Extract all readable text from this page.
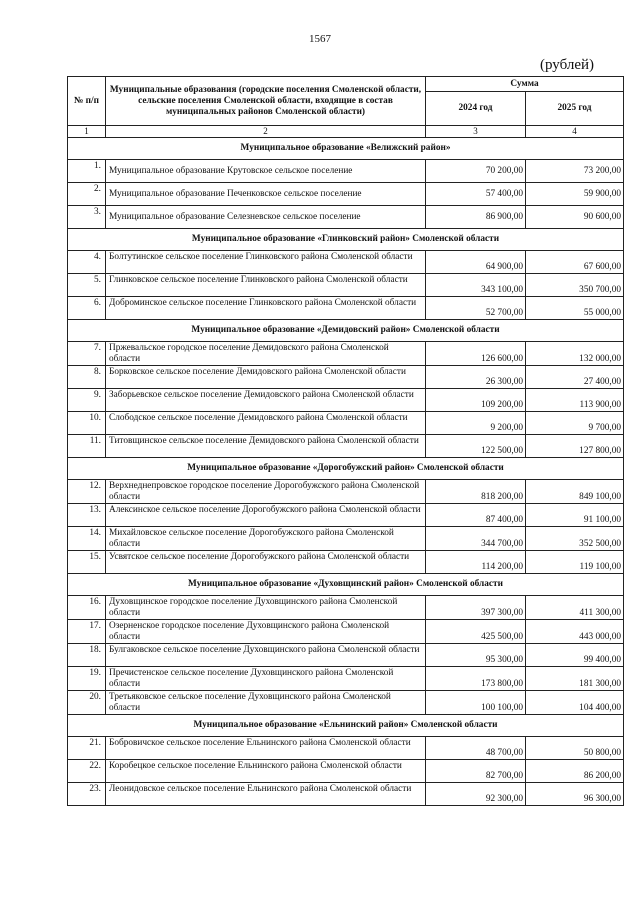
1567
(рублей)
№ п/п	Муниципальные образования (городские поселения Смоленской области, сельские поселения Смоленской области, входящие в состав муниципальных районов Смоленской области)	Сумма	
		2024 год	2025 год
1	2	3	4
Муниципальное образование «Велижский район»			
1.	Муниципальное образование Крутовское сельское поселение	70 200,00	73 200,00
2.	Муниципальное образование Печенковское сельское поселение	57 400,00	59 900,00
3.	Муниципальное образование Селезневское сельское поселение	86 900,00	90 600,00
Муниципальное образование «Глинковский район» Смоленской области			
4.	Болтутинское сельское поселение Глинковского района Смоленской области	64 900,00	67 600,00
5.	Глинковское сельское поселение Глинковского района Смоленской области	343 100,00	350 700,00
6.	Доброминское сельское поселение Глинковского района Смоленской области	52 700,00	55 000,00
Муниципальное образование «Демидовский район» Смоленской области			
7.	Пржевальское городское поселение Демидовского района Смоленской области	126 600,00	132 000,00
8.	Борковское сельское поселение Демидовского района Смоленской области	26 300,00	27 400,00
9.	Заборьевское сельское поселение Демидовского района Смоленской области	109 200,00	113 900,00
10.	Слободское сельское поселение Демидовского района Смоленской области	9 200,00	9 700,00
11.	Титовщинское сельское поселение Демидовского района Смоленской области	122 500,00	127 800,00
Муниципальное образование «Дорогобужский район» Смоленской области			
12.	Верхнеднепровское городское поселение Дорогобужского района Смоленской области	818 200,00	849 100,00
13.	Алексинское сельское поселение Дорогобужского района Смоленской области	87 400,00	91 100,00
14.	Михайловское сельское поселение Дорогобужского района Смоленской области	344 700,00	352 500,00
15.	Усвятское сельское поселение Дорогобужского района Смоленской области	114 200,00	119 100,00
Муниципальное образование «Духовщинский район» Смоленской области			
16.	Духовщинское городское поселение Духовщинского района Смоленской области	397 300,00	411 300,00
17.	Озерненское городское поселение Духовщинского района Смоленской области	425 500,00	443 000,00
18.	Булгаковское сельское поселение Духовщинского района Смоленской области	95 300,00	99 400,00
19.	Пречистенское сельское поселение Духовщинского района Смоленской области	173 800,00	181 300,00
20.	Третьяковское сельское поселение Духовщинского района Смоленской области	100 100,00	104 400,00
Муниципальное образование «Ельнинский район» Смоленской области			
21.	Бобровичское сельское поселение Ельнинского района Смоленской области	48 700,00	50 800,00
22.	Коробецкое сельское поселение Ельнинского района Смоленской области	82 700,00	86 200,00
23.	Леонидовское сельское поселение Ельнинского района Смоленской области	92 300,00	96 300,00
